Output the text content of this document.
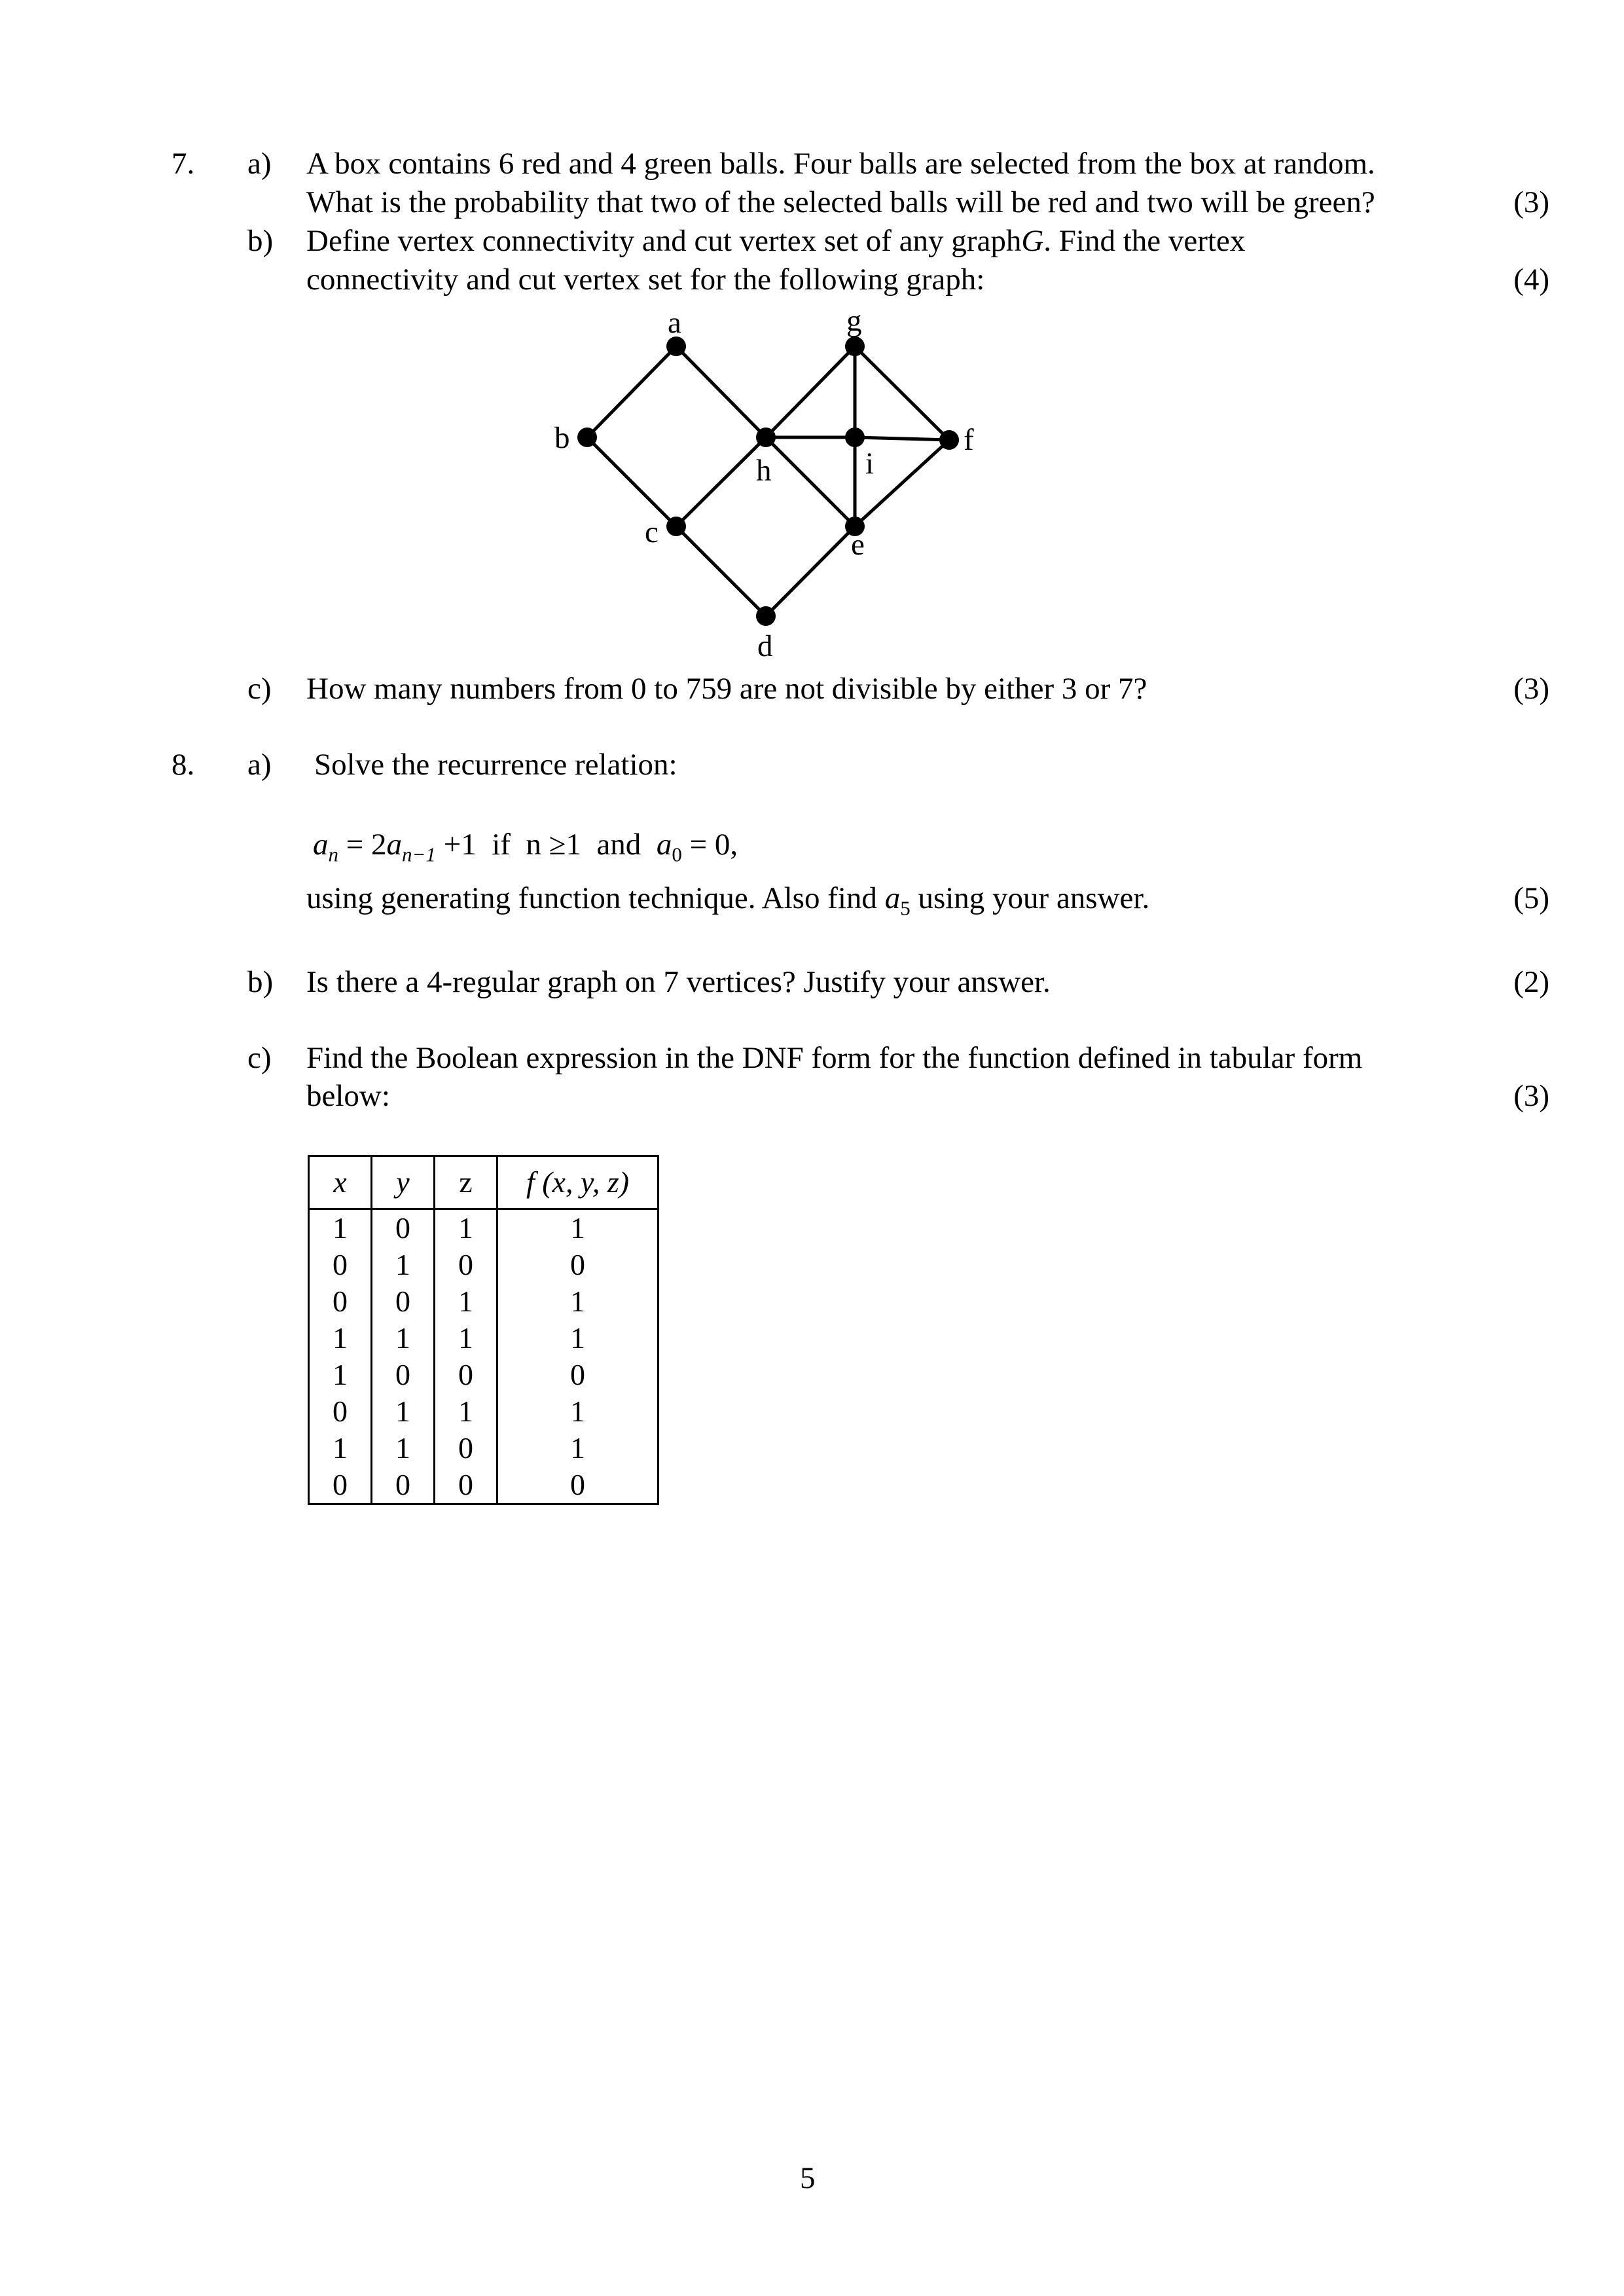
7. a) A box contains 6 red and 4 green balls. Four balls are selected from the box at random.
What is the probability that two of the selected balls will be red and two will be green?	(3)
b) Define vertex connectivity and cut vertex set of any graphG. Find the vertex
connectivity and cut vertex set for the following graph:	(4)
a
b
c
d
e
f
g
h	i
c) How many numbers from 0 to 759 are not divisible by either 3 or 7?	(3)
8. a) Solve the recurrence relation:
$a_n = 2a_{n-1} +1$  if  n ≥1  and  $a_0 = 0$,
using generating function technique. Also find $a_5$ using your answer.	(5)
b) Is there a 4-regular graph on 7 vertices? Justify your answer.	(2)
c) Find the Boolean expression in the DNF form for the function defined in tabular form
below:	(3)
x	y	z	f (x, y, z)
1	0	1	1
0	1	0	0
0	0	1	1
1	1	1	1
1	0	0	0
0	1	1	1
1	1	0	1
0	0	0	0
5
